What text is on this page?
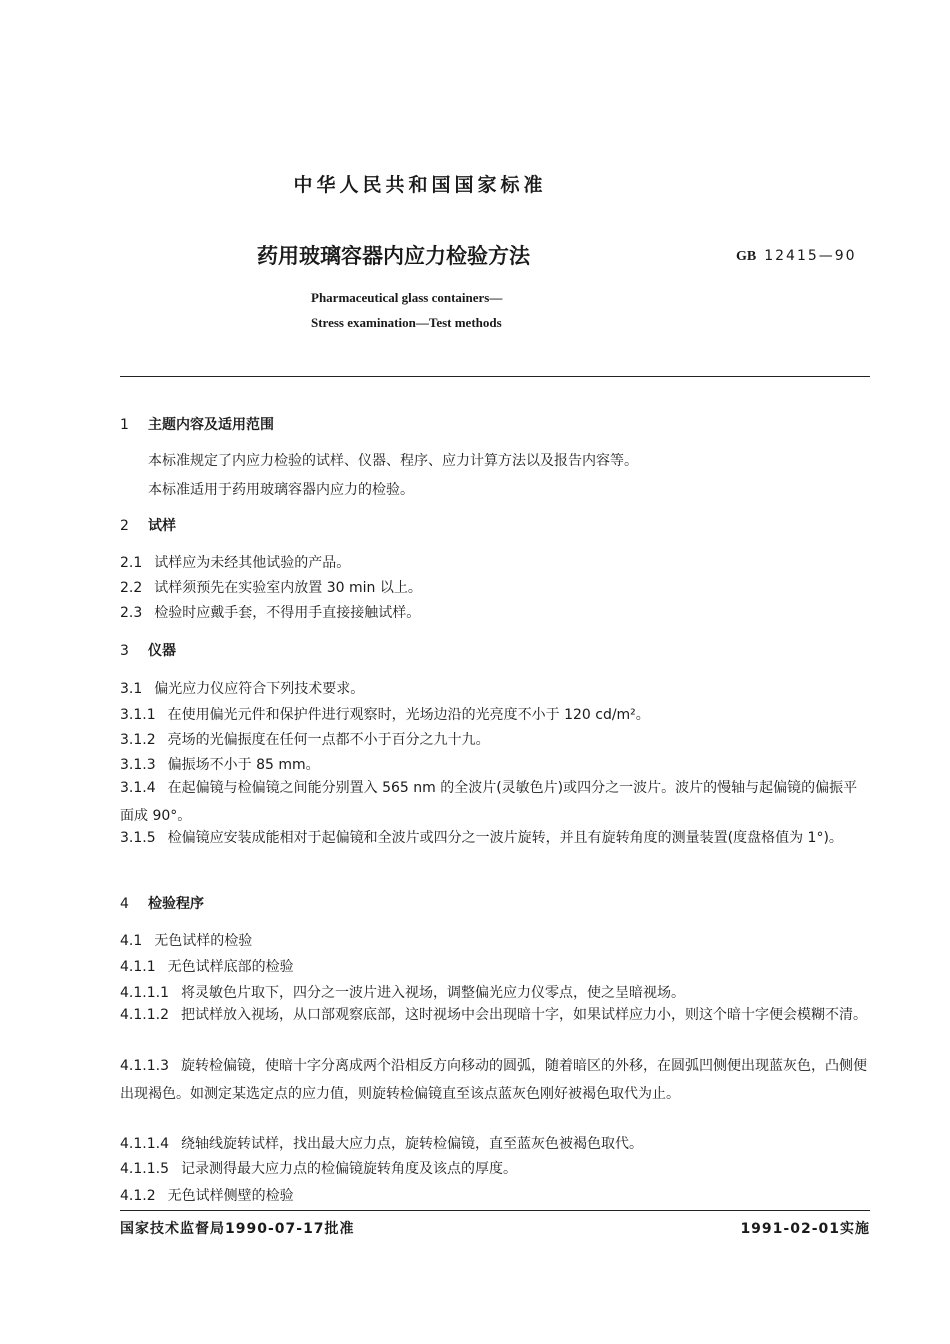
中华人民共和国国家标准
药用玻璃容器内应力检验方法	GB 12415—90
Pharmaceutical glass containers—
Stress examination—Test methods
1 主题内容及适用范围
本标准规定了内应力检验的试样、仪器、程序、应力计算方法以及报告内容等。
本标准适用于药用玻璃容器内应力的检验。
2 试样
2.1 试样应为未经其他试验的产品。
2.2 试样须预先在实验室内放置 30 min 以上。
2.3 检验时应戴手套，不得用手直接接触试样。
3 仪器
3.1 偏光应力仪应符合下列技术要求。
3.1.1 在使用偏光元件和保护件进行观察时，光场边沿的光亮度不小于 120 cd/m²。
3.1.2 亮场的光偏振度在任何一点都不小于百分之九十九。
3.1.3 偏振场不小于 85 mm。
3.1.4 在起偏镜与检偏镜之间能分别置入 565 nm 的全波片(灵敏色片)或四分之一波片。波片的慢轴与起偏镜的偏振平面成 90°。
3.1.5 检偏镜应安装成能相对于起偏镜和全波片或四分之一波片旋转，并且有旋转角度的测量装置(度盘格值为 1°)。
4 检验程序
4.1 无色试样的检验
4.1.1 无色试样底部的检验
4.1.1.1 将灵敏色片取下，四分之一波片进入视场，调整偏光应力仪零点，使之呈暗视场。
4.1.1.2 把试样放入视场，从口部观察底部，这时视场中会出现暗十字，如果试样应力小，则这个暗十字便会模糊不清。
4.1.1.3 旋转检偏镜，使暗十字分离成两个沿相反方向移动的圆弧，随着暗区的外移，在圆弧凹侧便出现蓝灰色，凸侧便出现褐色。如测定某选定点的应力值，则旋转检偏镜直至该点蓝灰色刚好被褐色取代为止。
4.1.1.4 绕轴线旋转试样，找出最大应力点，旋转检偏镜，直至蓝灰色被褐色取代。
4.1.1.5 记录测得最大应力点的检偏镜旋转角度及该点的厚度。
4.1.2 无色试样侧壁的检验
国家技术监督局1990-07-17批准	1991-02-01实施
